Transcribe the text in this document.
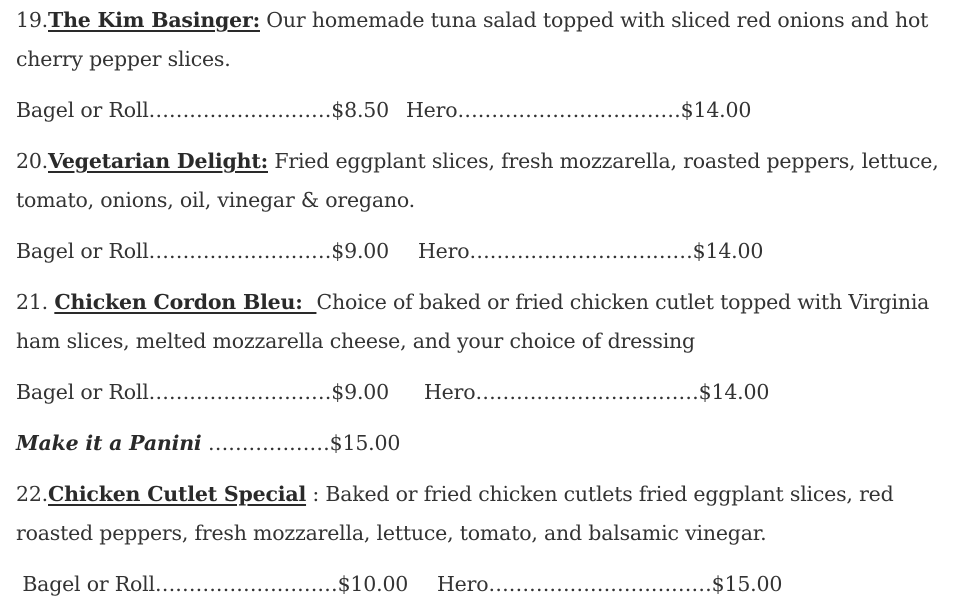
19.The Kim Basinger: Our homemade tuna salad topped with sliced red onions and hot
cherry pepper slices.
Bagel or Roll………………………$8.50 Hero……………………………$14.00
20.Vegetarian Delight: Fried eggplant slices, fresh mozzarella, roasted peppers, lettuce,
tomato, onions, oil, vinegar & oregano.
Bagel or Roll………………………$9.00 Hero……………………………$14.00
21. Chicken Cordon Bleu:  Choice of baked or fried chicken cutlet topped with Virginia
ham slices, melted mozzarella cheese, and your choice of dressing
Bagel or Roll………………………$9.00 Hero……………………………$14.00
Make it a Panini ………………$15.00
22.Chicken Cutlet Special : Baked or fried chicken cutlets fried eggplant slices, red
roasted peppers, fresh mozzarella, lettuce, tomato, and balsamic vinegar.
Bagel or Roll………………………$10.00 Hero……………………………$15.00
